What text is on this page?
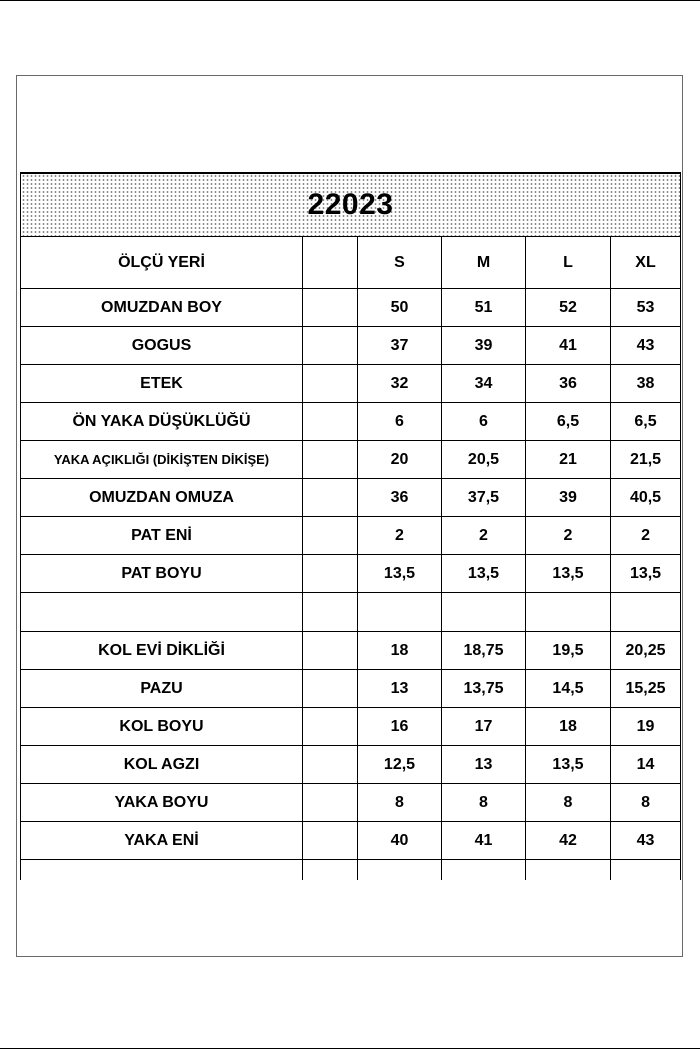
22023					
ÖLÇÜ YERİ		S	M	L	XL
OMUZDAN BOY		50	51	52	53
GOGUS		37	39	41	43
ETEK		32	34	36	38
ÖN YAKA DÜŞÜKLÜĞÜ		6	6	6,5	6,5
YAKA AÇIKLIĞI (DİKİŞTEN DİKİŞE)		20	20,5	21	21,5
OMUZDAN OMUZA		36	37,5	39	40,5
PAT ENİ		2	2	2	2
PAT BOYU		13,5	13,5	13,5	13,5

KOL EVİ DİKLİĞİ		18	18,75	19,5	20,25
PAZU		13	13,75	14,5	15,25
KOL BOYU		16	17	18	19
KOL AGZI		12,5	13	13,5	14
YAKA BOYU		8	8	8	8
YAKA ENİ		40	41	42	43
